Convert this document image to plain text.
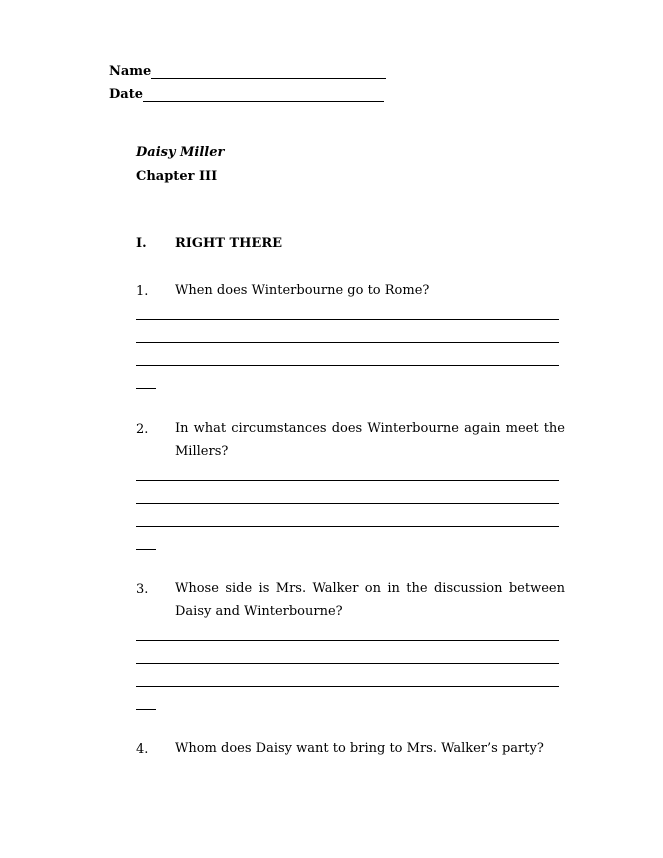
Name
Date
Daisy Miller
Chapter III
I. RIGHT THERE
1. When does Winterbourne go to Rome?
2. In what circumstances does Winterbourne again meet the
Millers?
3. Whose side is Mrs. Walker on in the discussion between
Daisy and Winterbourne?
4. Whom does Daisy want to bring to Mrs. Walker’s party?
